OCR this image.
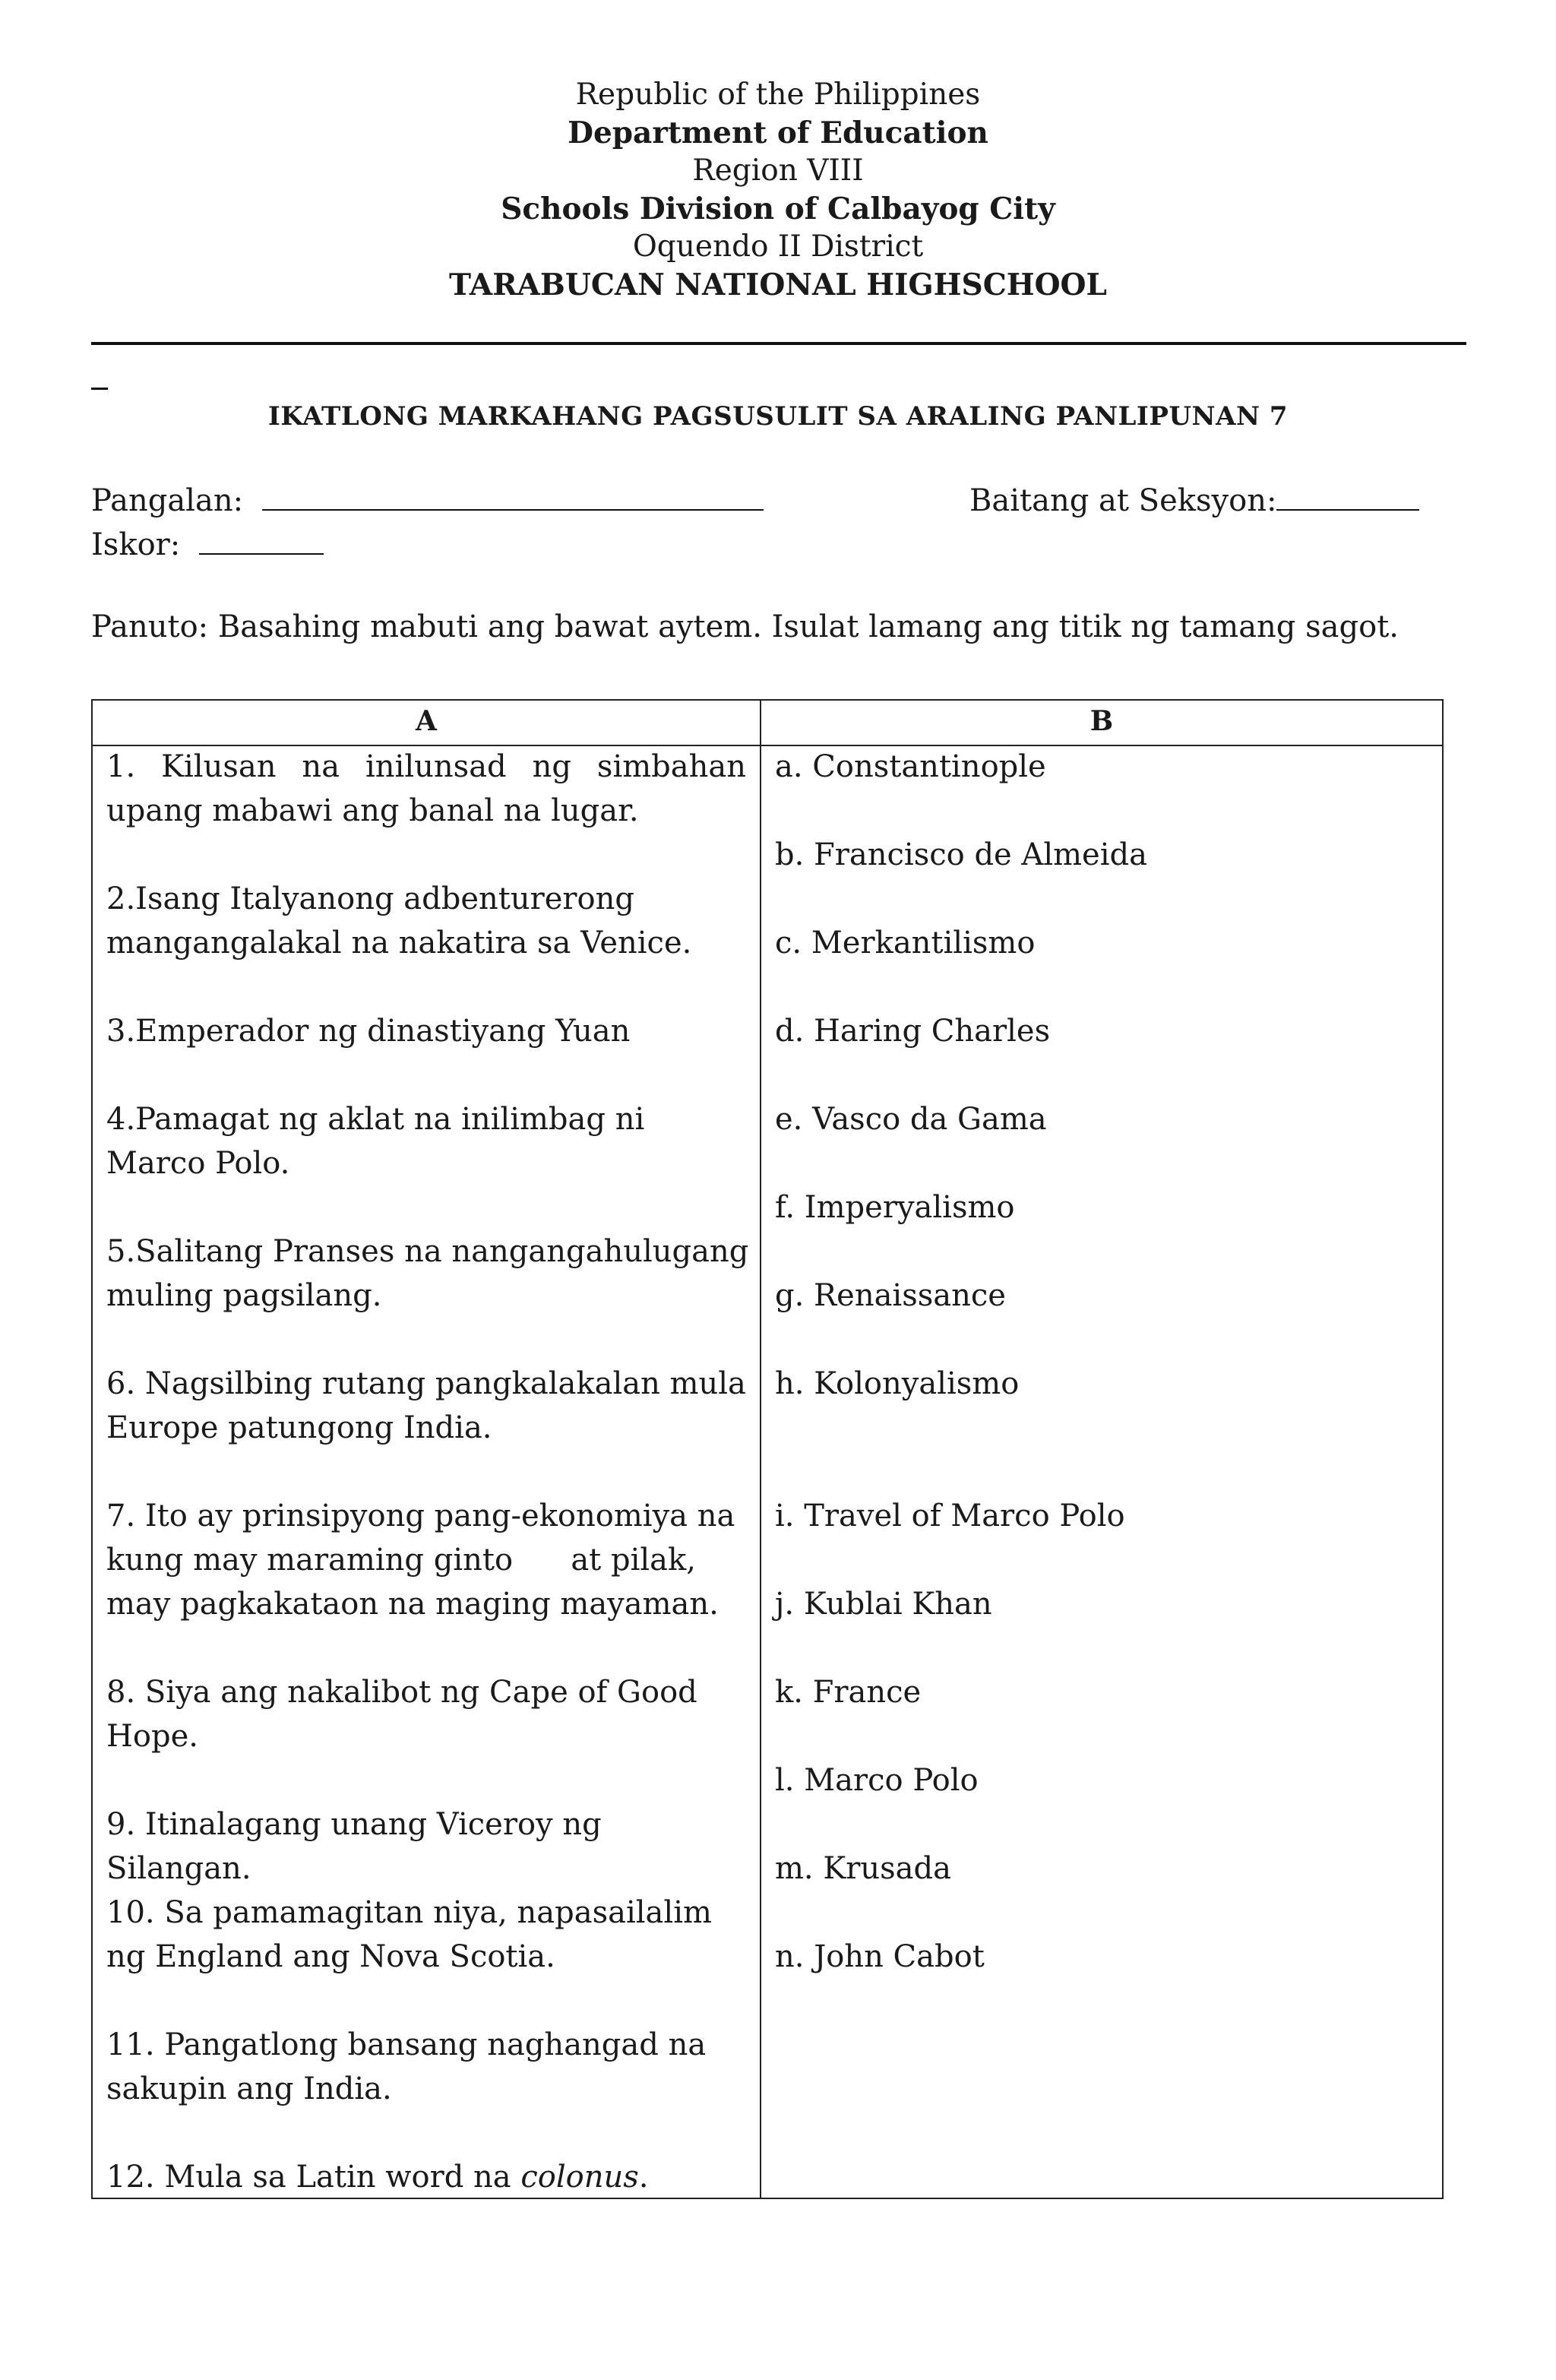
Republic of the Philippines
Department of Education
Region VIII
Schools Division of Calbayog City
Oquendo II District
TARABUCAN NATIONAL HIGHSCHOOL
IKATLONG MARKAHANG PAGSUSULIT SA ARALING PANLIPUNAN 7
Pangalan:	Baitang at Seksyon:
Iskor:
Panuto: Basahing mabuti ang bawat aytem. Isulat lamang ang titik ng tamang sagot.
A	B
1. Kilusan na inilunsad ng simbahan
upang mabawi ang banal na lugar.
2.Isang Italyanong adbenturerong
mangangalakal na nakatira sa Venice.
3.Emperador ng dinastiyang Yuan
4.Pamagat ng aklat na inilimbag ni
Marco Polo.
5.Salitang Pranses na nangangahulugang
muling pagsilang.
6. Nagsilbing rutang pangkalakalan mula
Europe patungong India.
7. Ito ay prinsipyong pang-ekonomiya na
kung may maraming ginto      at pilak,
may pagkakataon na maging mayaman.
8. Siya ang nakalibot ng Cape of Good
Hope.
9. Itinalagang unang Viceroy ng
Silangan.
10. Sa pamamagitan niya, napasailalim
ng England ang Nova Scotia.
11. Pangatlong bansang naghangad na
sakupin ang India.
12. Mula sa Latin word na colonus.
a. Constantinople
b. Francisco de Almeida
c. Merkantilismo
d. Haring Charles
e. Vasco da Gama
f. Imperyalismo
g. Renaissance
h. Kolonyalismo
i. Travel of Marco Polo
j. Kublai Khan
k. France
l. Marco Polo
m. Krusada
n. John Cabot
